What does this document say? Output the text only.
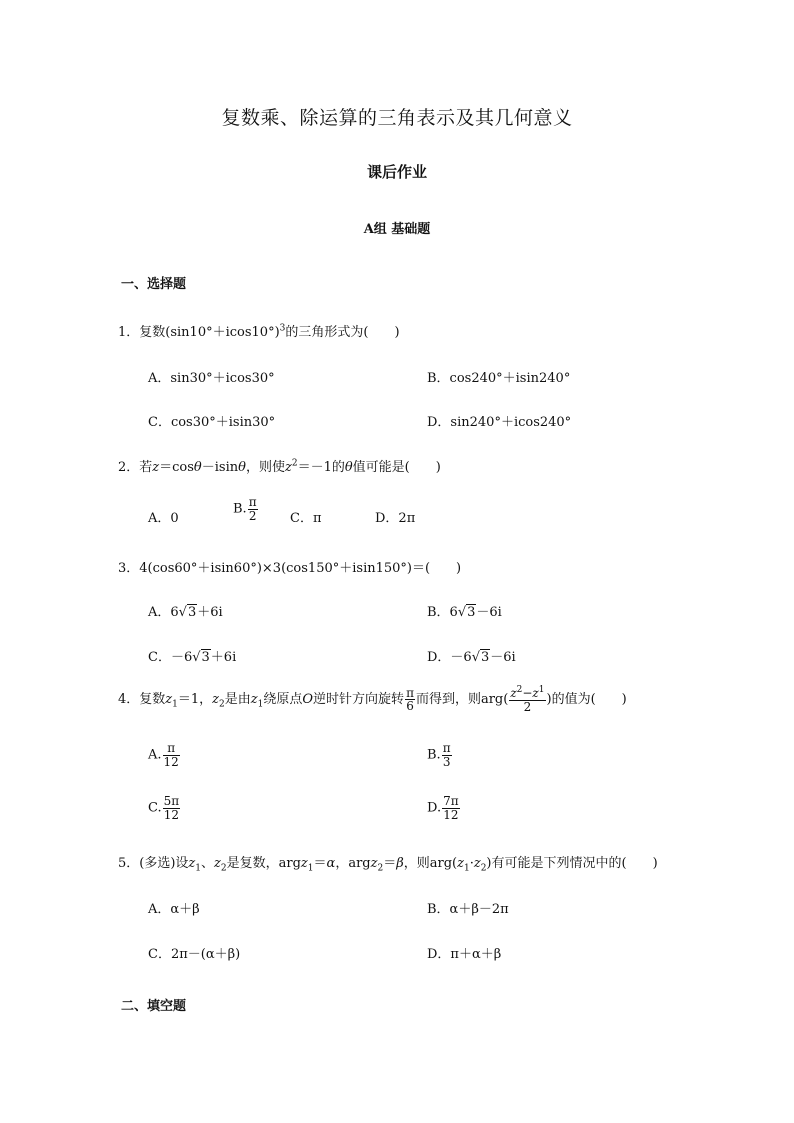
复数乘、除运算的三角表示及其几何意义
课后作业
A组 基础题
一、选择题
1．复数$(\sin 10^\circ+icos10^\circ)^3$的三角形式为(　　)
A．sin30°＋icos30°	B．cos240°＋isin240°
C．cos30°＋isin30°	D．sin240°＋icos240°
2．若z＝cosθ－isinθ，则使$z^2=-1$的θ值可能是(　　)
A．0
B. $\frac{\pi}{2}$ C．π	D．2π
3．4(cos60°＋isin60°)×3(cos150°＋isin150°)＝(　　)
A．6√3＋6i	B．6√3－6i
C．－6√3＋6i	D．－6√3－6i
4．复数$z_1=1$，$z_2$是由$z_1$绕原点O逆时针方向旋转 $\frac{\pi}{6}$ 而得到，则$arg( \frac{z^2-z^1}{2}$ )的值为(　　)
A. $\frac{\pi}{12}$	B. $\frac{\pi}{3}$
C. $\frac{5\pi}{12}$	D. $\frac{7\pi}{12}$
5．(多选)设$z_1$、$z_2$是复数，argz$_1$＝α，argz$_2$＝β，则$arg(z_1\cdot z_2)$有可能是下列情况中的(　　)
A．α＋β	B．α＋β－2π
C．2π－(α＋β)	D．π＋α＋β
二、填空题
